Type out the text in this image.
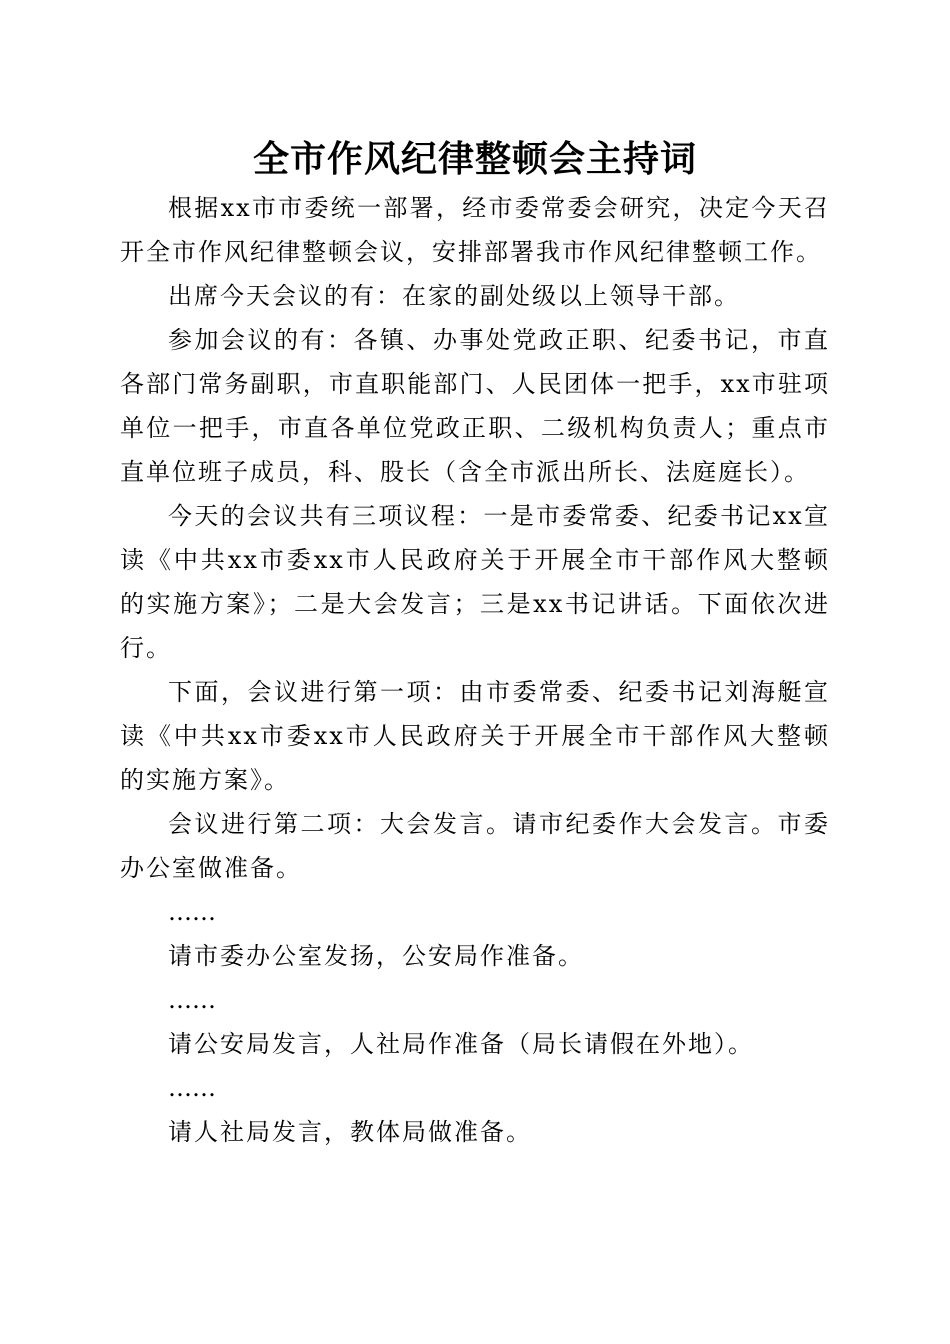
全市作风纪律整顿会主持词

根据xx市市委统一部署，经市委常委会研究，决定今天召开全市作风纪律整顿会议，安排部署我市作风纪律整顿工作。

出席今天会议的有：在家的副处级以上领导干部。

参加会议的有：各镇、办事处党政正职、纪委书记，市直各部门常务副职，市直职能部门、人民团体一把手，xx市驻项单位一把手，市直各单位党政正职、二级机构负责人；重点市直单位班子成员，科、股长（含全市派出所长、法庭庭长）。

今天的会议共有三项议程：一是市委常委、纪委书记xx宣读《中共xx市委xx市人民政府关于开展全市干部作风大整顿的实施方案》；二是大会发言；三是xx书记讲话。下面依次进行。

下面，会议进行第一项：由市委常委、纪委书记刘海艇宣读《中共xx市委xx市人民政府关于开展全市干部作风大整顿的实施方案》。

会议进行第二项：大会发言。请市纪委作大会发言。市委办公室做准备。

……

请市委办公室发扬，公安局作准备。

……

请公安局发言，人社局作准备（局长请假在外地）。

……

请人社局发言，教体局做准备。
